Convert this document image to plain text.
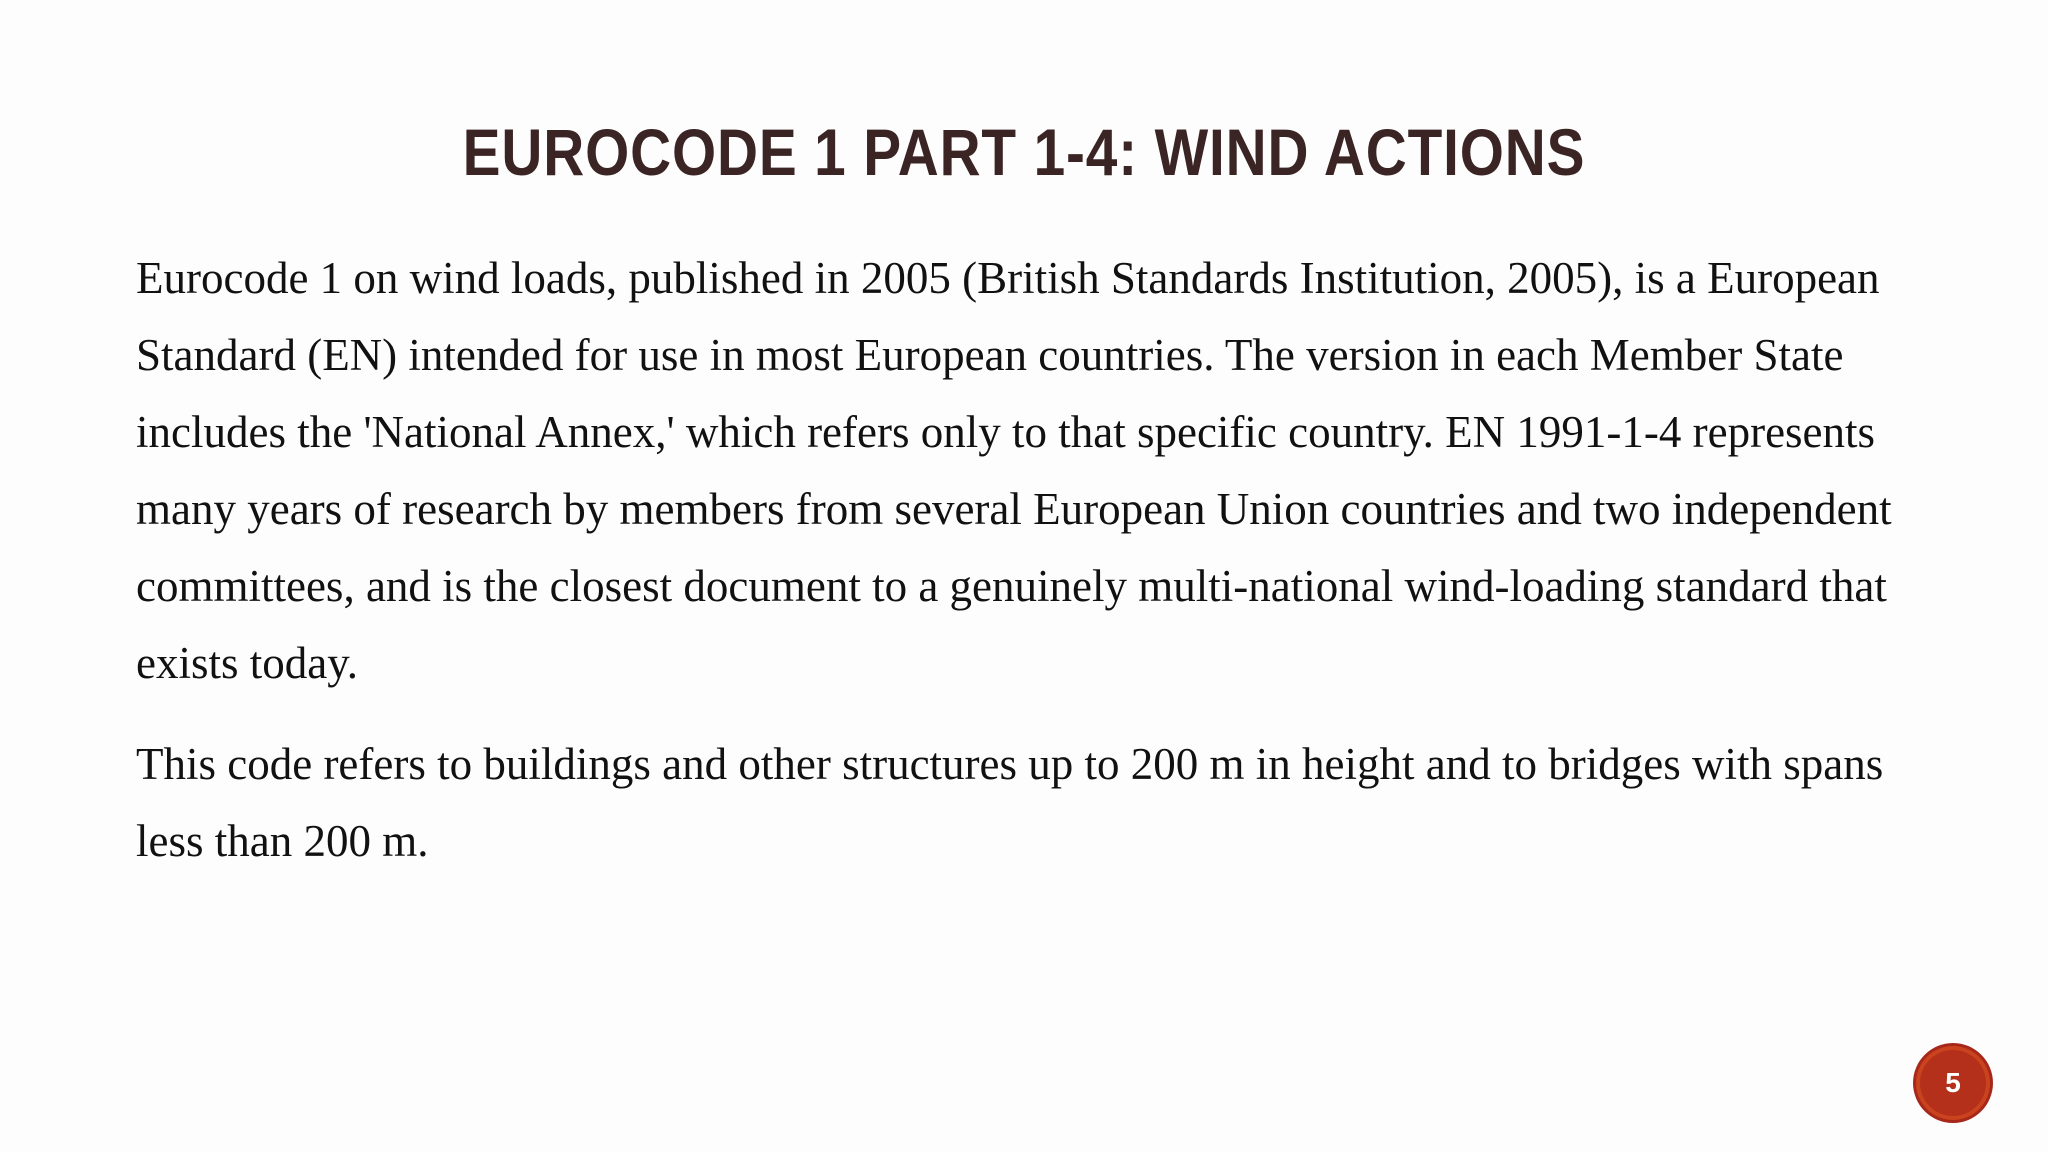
EUROCODE 1 PART 1-4: WIND ACTIONS

Eurocode 1 on wind loads, published in 2005 (British Standards Institution, 2005), is a European Standard (EN) intended for use in most European countries. The version in each Member State includes the 'National Annex,' which refers only to that specific country. EN 1991-1-4 represents many years of research by members from several European Union countries and two independent committees, and is the closest document to a genuinely multi-national wind-loading standard that exists today.

This code refers to buildings and other structures up to 200 m in height and to bridges with spans less than 200 m.

5
